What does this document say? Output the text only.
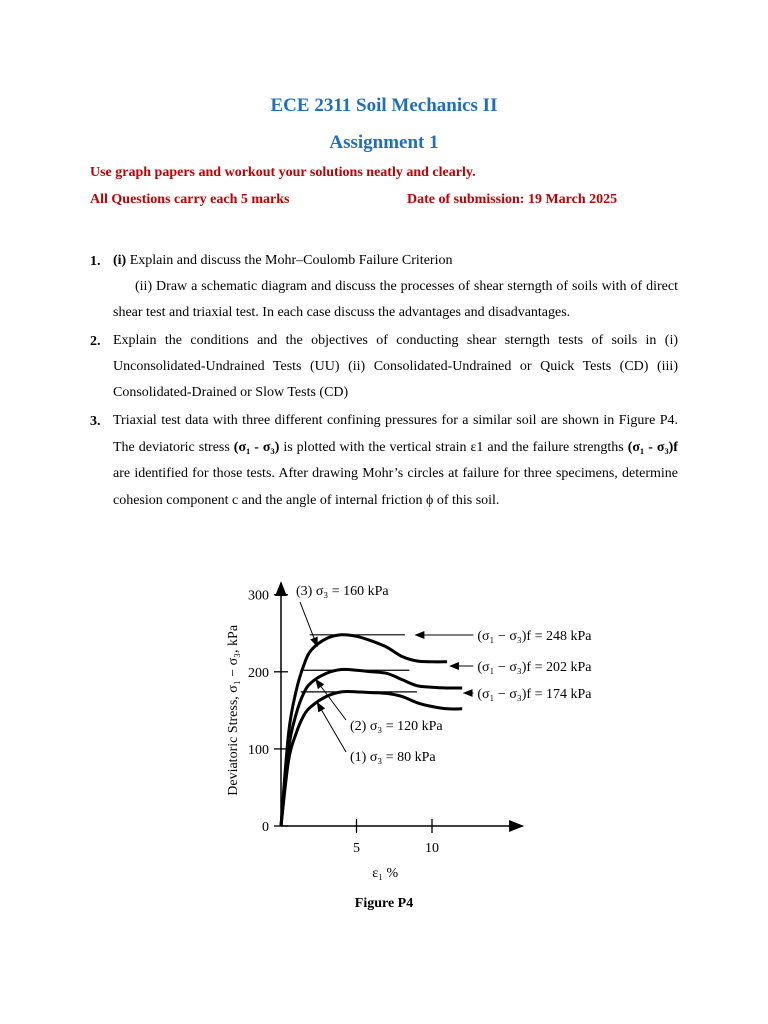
ECE 2311 Soil Mechanics II
Assignment 1
Use graph papers and workout your solutions neatly and clearly.
All Questions carry each 5 marks	Date of submission: 19 March 2025
1. (i) Explain and discuss the Mohr–Coulomb Failure Criterion
(ii) Draw a schematic diagram and discuss the processes of shear sterngth of soils with of direct shear test and triaxial test. In each case discuss the advantages and disadvantages.
2. Explain the conditions and the objectives of conducting shear sterngth tests of soils in (i) Unconsolidated-Undrained Tests (UU) (ii) Consolidated-Undrained or Quick Tests (CD) (iii) Consolidated-Drained or Slow Tests (CD)
3. Triaxial test data with three different confining pressures for a similar soil are shown in Figure P4. The deviatoric stress (σ₁ - σ₃) is plotted with the vertical strain ε1 and the failure strengths (σ₁ - σ₃)f are identified for those tests. After drawing Mohr’s circles at failure for three specimens, determine cohesion component c and the angle of internal friction ϕ of this soil.
0
100
200
300
5	10
ε₁ %
Deviatoric Stress, σ₁ − σ₃, kPa	(σ₁ − σ₃)f = 248 kPa
(σ₁ − σ₃)f = 202 kPa
(σ₁ − σ₃)f = 174 kPa
(3) σ₃ = 160 kPa
(2) σ₃ = 120 kPa
(1) σ₃ = 80 kPa
Figure P4
